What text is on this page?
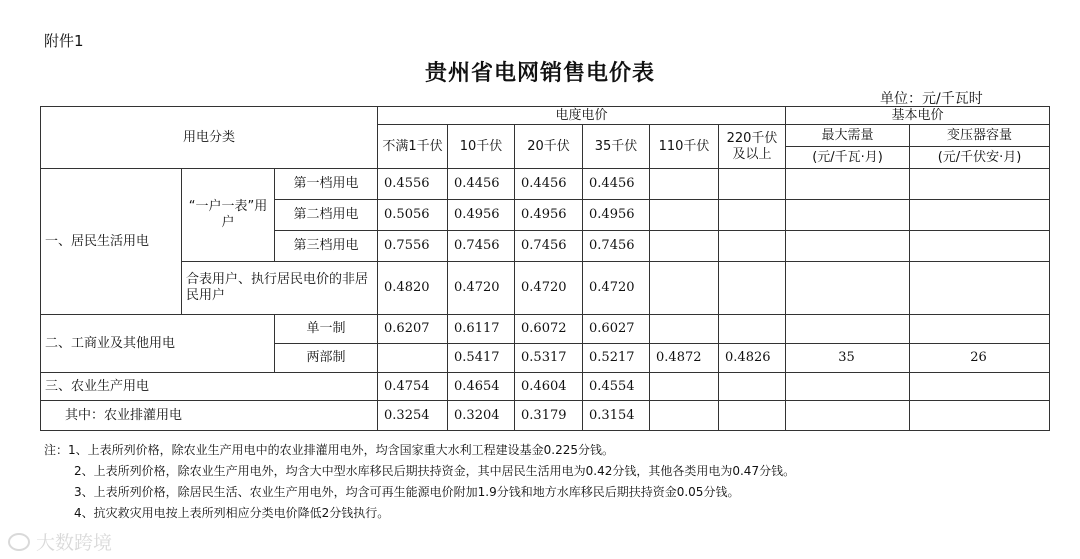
附件1
贵州省电网销售电价表
单位：元/千瓦时
用电分类			电度电价						基本电价	
			不满1千伏	10千伏	20千伏	35千伏	110千伏	220千伏及以上	最大需量	变压器容量
									(元/千瓦·月)	(元/千伏安·月)
一、居民生活用电	“一户一表”用户	第一档用电	0.4556	0.4456	0.4456	0.4456				
		第二档用电	0.5056	0.4956	0.4956	0.4956				
		第三档用电	0.7556	0.7456	0.7456	0.7456				
	合表用户、执行居民电价的非居民用户		0.4820	0.4720	0.4720	0.4720				
二、工商业及其他用电		单一制	0.6207	0.6117	0.6072	0.6027				
		两部制		0.5417	0.5317	0.5217	0.4872	0.4826	35	26
三、农业生产用电			0.4754	0.4654	0.4604	0.4554				
其中：农业排灌用电			0.3254	0.3204	0.3179	0.3154				
注：1、上表所列价格，除农业生产用电中的农业排灌用电外，均含国家重大水利工程建设基金0.225分钱。
2、上表所列价格，除农业生产用电外，均含大中型水库移民后期扶持资金，其中居民生活用电为0.42分钱，其他各类用电为0.47分钱。
3、上表所列价格，除居民生活、农业生产用电外，均含可再生能源电价附加1.9分钱和地方水库移民后期扶持资金0.05分钱。
4、抗灾救灾用电按上表所列相应分类电价降低2分钱执行。
大数跨境
